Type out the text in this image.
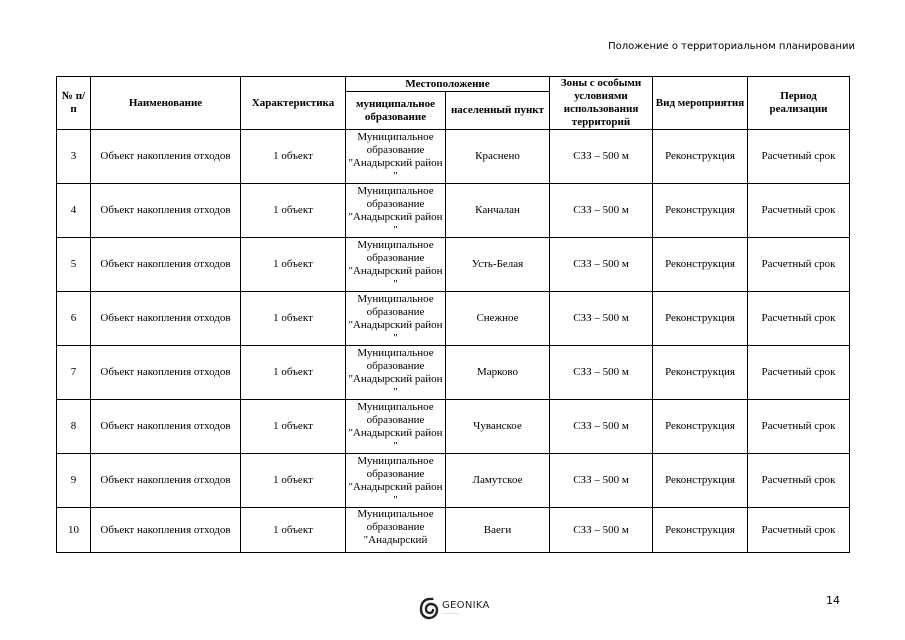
Положение о территориальном планировании
№ п/п	Наименование	Характеристика	Местоположение		Зоны с особыми условиями использования территорий	Вид мероприятия	Период реализации
			муниципальное образование	населенный пункт			
3	Объект накопления отходов	1 объект	Муниципальное образование "Анадырский район "	Краснено	СЗЗ – 500 м	Реконструкция	Расчетный срок
4	Объект накопления отходов	1 объект	Муниципальное образование "Анадырский район "	Канчалан	СЗЗ – 500 м	Реконструкция	Расчетный срок
5	Объект накопления отходов	1 объект	Муниципальное образование "Анадырский район "	Усть-Белая	СЗЗ – 500 м	Реконструкция	Расчетный срок
6	Объект накопления отходов	1 объект	Муниципальное образование "Анадырский район "	Снежное	СЗЗ – 500 м	Реконструкция	Расчетный срок
7	Объект накопления отходов	1 объект	Муниципальное образование "Анадырский район "	Марково	СЗЗ – 500 м	Реконструкция	Расчетный срок
8	Объект накопления отходов	1 объект	Муниципальное образование "Анадырский район "	Чуванское	СЗЗ – 500 м	Реконструкция	Расчетный срок
9	Объект накопления отходов	1 объект	Муниципальное образование "Анадырский район "	Ламутское	СЗЗ – 500 м	Реконструкция	Расчетный срок
10	Объект накопления отходов	1 объект	Муниципальное образование "Анадырский	Ваеги	СЗЗ – 500 м	Реконструкция	Расчетный срок
GEONIKA
——————
14
